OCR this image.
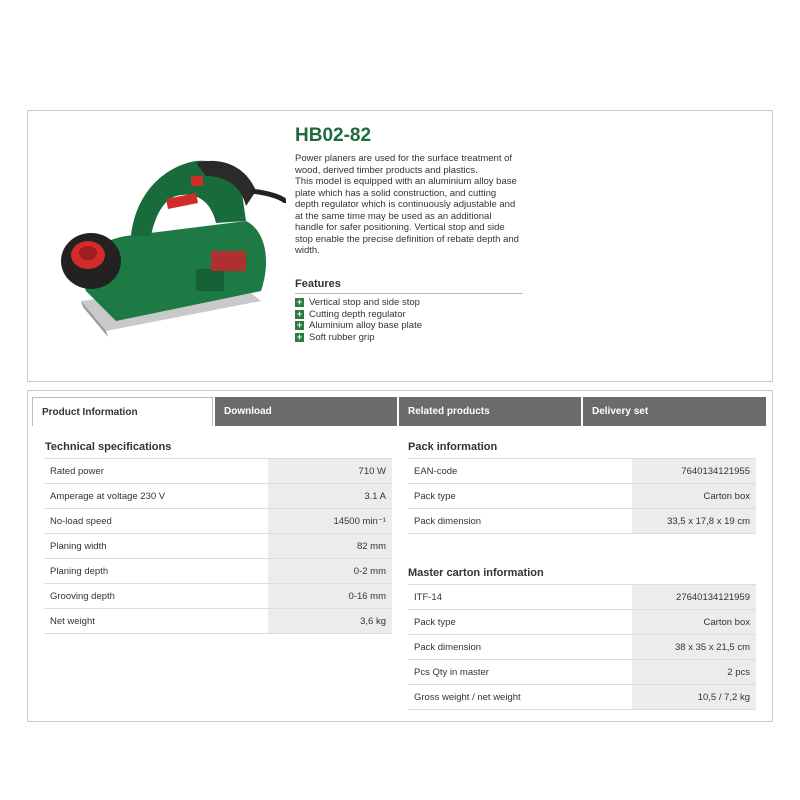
HB02-82

Power planers are used for the surface treatment of wood, derived timber products and plastics.
This model is equipped with an aluminium alloy base plate which has a solid construction, and cutting depth regulator which is continuously adjustable and at the same time may be used as an additional handle for safer positioning. Vertical stop and side stop enable the precise definition of rebate depth and width.

Features
+ Vertical stop and side stop
+ Cutting depth regulator
+ Aluminium alloy base plate
+ Soft rubber grip
Product Information	Download	Related products	Delivery set
Technical specifications
Rated power	710 W
Amperage at voltage 230 V	3.1 A
No-load speed	14500 min⁻¹
Planing width	82 mm
Planing depth	0-2 mm
Grooving depth	0-16 mm
Net weight	3,6 kg
Pack information
EAN-code	7640134121955
Pack type	Carton box
Pack dimension	33,5 x 17,8 x 19 cm
Master carton information
ITF-14	27640134121959
Pack type	Carton box
Pack dimension	38 x 35 x 21,5 cm
Pcs Qty in master	2 pcs
Gross weight / net weight	10,5 / 7,2 kg
